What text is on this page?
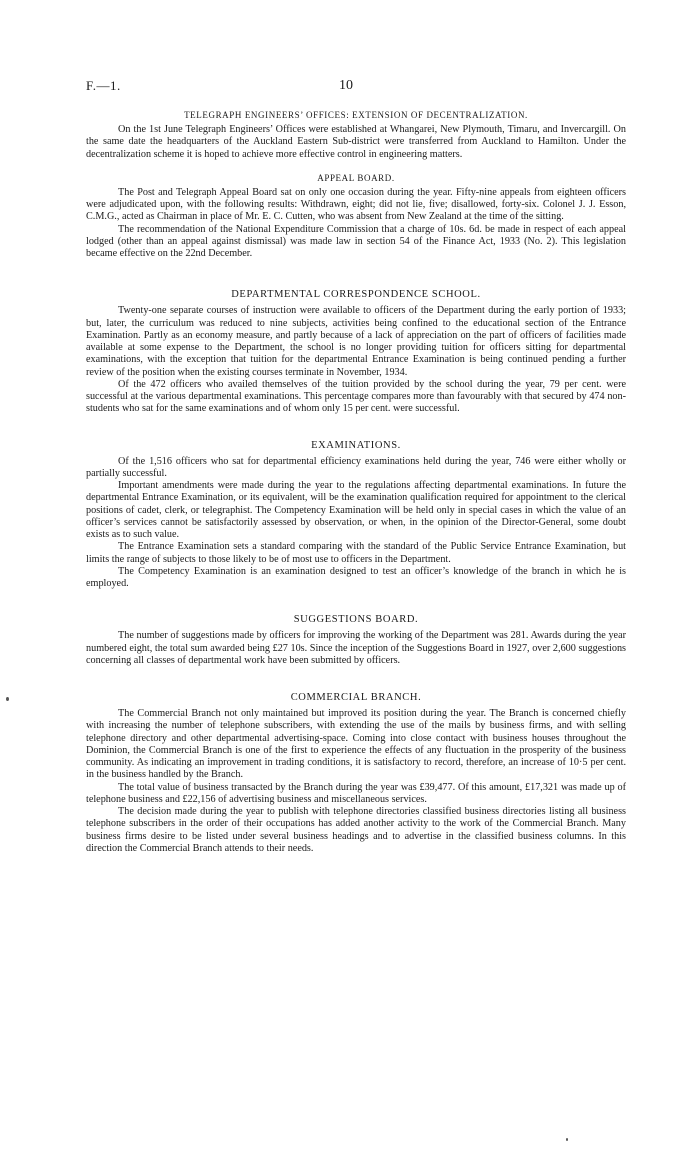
F.—1.	10
TELEGRAPH ENGINEERS’ OFFICES: EXTENSION OF DECENTRALIZATION.

On the 1st June Telegraph Engineers’ Offices were established at Whangarei, New Plymouth, Timaru, and Invercargill. On the same date the headquarters of the Auckland Eastern Sub-district were transferred from Auckland to Hamilton. Under the decentralization scheme it is hoped to achieve more effective control in engineering matters.

APPEAL BOARD.

The Post and Telegraph Appeal Board sat on only one occasion during the year. Fifty-nine appeals from eighteen officers were adjudicated upon, with the following results: Withdrawn, eight; did not lie, five; disallowed, forty-six. Colonel J. J. Esson, C.M.G., acted as Chairman in place of Mr. E. C. Cutten, who was absent from New Zealand at the time of the sitting.

The recommendation of the National Expenditure Commission that a charge of 10s. 6d. be made in respect of each appeal lodged (other than an appeal against dismissal) was made law in section 54 of the Finance Act, 1933 (No. 2). This legislation became effective on the 22nd December.

DEPARTMENTAL CORRESPONDENCE SCHOOL.

Twenty-one separate courses of instruction were available to officers of the Department during the early portion of 1933; but, later, the curriculum was reduced to nine subjects, activities being confined to the educational section of the Entrance Examination. Partly as an economy measure, and partly because of a lack of appreciation on the part of officers of facilities made available at some expense to the Department, the school is no longer providing tuition for officers sitting for departmental examinations, with the exception that tuition for the departmental Entrance Examination is being continued pending a further review of the position when the existing courses terminate in November, 1934.

Of the 472 officers who availed themselves of the tuition provided by the school during the year, 79 per cent. were successful at the various departmental examinations. This percentage compares more than favourably with that secured by 474 non-students who sat for the same examinations and of whom only 15 per cent. were successful.

EXAMINATIONS.

Of the 1,516 officers who sat for departmental efficiency examinations held during the year, 746 were either wholly or partially successful.

Important amendments were made during the year to the regulations affecting departmental examinations. In future the departmental Entrance Examination, or its equivalent, will be the examination qualification required for appointment to the clerical positions of cadet, clerk, or telegraphist. The Competency Examination will be held only in special cases in which the value of an officer’s services cannot be satisfactorily assessed by observation, or when, in the opinion of the Director-General, some doubt exists as to such value.

The Entrance Examination sets a standard comparing with the standard of the Public Service Entrance Examination, but limits the range of subjects to those likely to be of most use to officers in the Department.

The Competency Examination is an examination designed to test an officer’s knowledge of the branch in which he is employed.

SUGGESTIONS BOARD.

The number of suggestions made by officers for improving the working of the Department was 281. Awards during the year numbered eight, the total sum awarded being £27 10s. Since the inception of the Suggestions Board in 1927, over 2,600 suggestions concerning all classes of departmental work have been submitted by officers.

COMMERCIAL BRANCH.

The Commercial Branch not only maintained but improved its position during the year. The Branch is concerned chiefly with increasing the number of telephone subscribers, with extending the use of the mails by business firms, and with selling telephone directory and other departmental advertising-space. Coming into close contact with business houses throughout the Dominion, the Commercial Branch is one of the first to experience the effects of any fluctuation in the prosperity of the business community. As indicating an improvement in trading conditions, it is satisfactory to record, therefore, an increase of 10·5 per cent. in the business handled by the Branch.

The total value of business transacted by the Branch during the year was £39,477. Of this amount, £17,321 was made up of telephone business and £22,156 of advertising business and miscellaneous services.

The decision made during the year to publish with telephone directories classified business directories listing all business telephone subscribers in the order of their occupations has added another activity to the work of the Commercial Branch. Many business firms desire to be listed under several business headings and to advertise in the classified business columns. In this direction the Commercial Branch attends to their needs.
